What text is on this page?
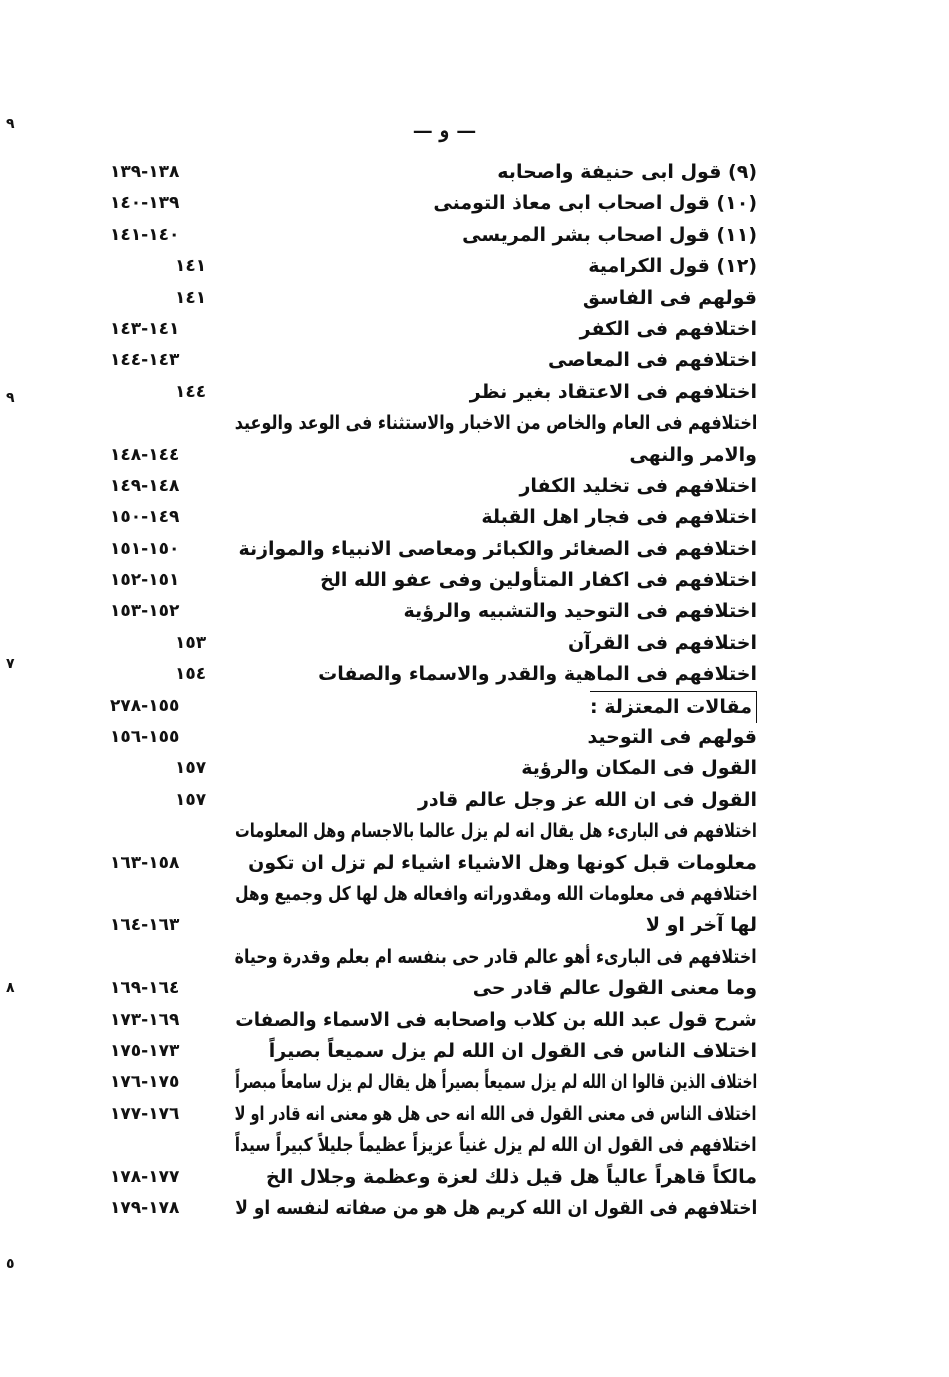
— و —
٩
٩
٧
٨
٥
(٩) قول ابى حنيفة واصحابه
١٣٨-١٣٩
(١٠) قول اصحاب ابى معاذ التومنى
١٣٩-١٤٠
(١١) قول اصحاب بشر المريسى
١٤٠-١٤١
(١٢) قول الكرامية
١٤١
قولهم فى الفاسق
١٤١
اختلافهم فى الكفر
١٤١-١٤٣
اختلافهم فى المعاصى
١٤٣-١٤٤
اختلافهم فى الاعتقاد بغير نظر
١٤٤
اختلافهم فى العام والخاص من الاخبار والاستثناء فى الوعد والوعيد
والامر والنهى
١٤٤-١٤٨
اختلافهم فى تخليد الكفار
١٤٨-١٤٩
اختلافهم فى فجار اهل القبلة
١٤٩-١٥٠
اختلافهم فى الصغائر والكبائر ومعاصى الانبياء والموازنة
١٥٠-١٥١
اختلافهم فى اكفار المتأولين وفى عفو الله الخ
١٥١-١٥٢
اختلافهم فى التوحيد والتشبيه والرؤية
١٥٢-١٥٣
اختلافهم فى القرآن
١٥٣
اختلافهم فى الماهية والقدر والاسماء والصفات
١٥٤
مقالات المعتزلة :
١٥٥-٢٧٨
قولهم فى التوحيد
١٥٥-١٥٦
القول فى المكان والرؤية
١٥٧
القول فى ان الله عز وجل عالم قادر
١٥٧
اختلافهم فى البارىء هل يقال انه لم يزل عالما بالاجسام وهل المعلومات
معلومات قبل كونها وهل الاشياء اشياء لم تزل ان تكون
١٥٨-١٦٣
اختلافهم فى معلومات الله ومقدوراته وافعاله هل لها كل وجميع وهل
لها آخر او لا
١٦٣-١٦٤
اختلافهم فى البارىء أهو عالم قادر حى بنفسه ام بعلم وقدرة وحياة
وما معنى القول عالم قادر حى
١٦٤-١٦٩
شرح قول عبد الله بن كلاب واصحابه فى الاسماء والصفات
١٦٩-١٧٣
اختلاف الناس فى القول ان الله لم يزل سميعاً بصيراً
١٧٣-١٧٥
اختلاف الذين قالوا ان الله لم يزل سميعاً بصيراً هل يقال لم يزل سامعاً مبصراً
١٧٥-١٧٦
اختلاف الناس فى معنى القول فى الله انه حى هل هو معنى انه قادر او لا
١٧٦-١٧٧
اختلافهم فى القول ان الله لم يزل غنياً عزيزاً عظيماً جليلاً كبيراً سيداً
مالكاً قاهراً عالياً هل قيل ذلك لعزة وعظمة وجلال الخ
١٧٧-١٧٨
اختلافهم فى القول ان الله كريم هل هو من صفاته لنفسه او لا
١٧٨-١٧٩
